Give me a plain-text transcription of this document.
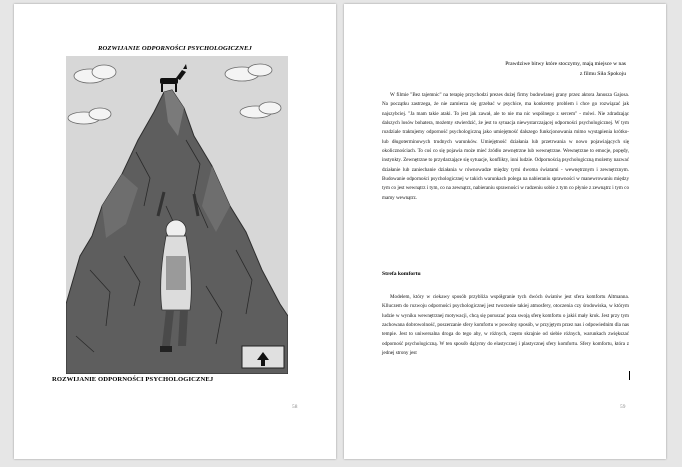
ROZWIJANIE ODPORNOŚCI PSYCHOLOGICZNEJ
ROZWIJANIE ODPORNOŚCI PSYCHOLOGICZNEJ
58
Prawdziwe bitwy które stoczymy, mają miejsce w nas
z filmu Siła Spokoju
W filmie "Bez tajemnic" na terapię przychodzi prezes dużej firmy budowlanej grany przez aktora Janusza Gajosa. Na początku zastrzega, że nie zamierza się grzebać w psychice, ma konkretny problem i chce go rozwiązać jak najszybciej. "Ja mam takie ataki. To jest jak zawał, ale to nie ma nic wspólnego z sercem" - mówi. Nie zdradzając dalszych losów bohatera, możemy stwierdzić, że jest to sytuacja niewystarczającej odporności psychologicznej. W tym rozdziale traktujemy odporność psychologiczną jako umiejętność dalszego funkcjonowania mimo wystąpienia krótko- lub długoterminowych trudnych warunków. Umiejętność działania lub przetrwania w nowo pojawiających się okolicznościach. To coś co się pojawia może mieć źródło zewnętrzne lub wewnętrzne. Wewnętrzne to emocje, popędy, instynkty. Zewnętrzne to przydarzające się sytuacje, konflikty, inni ludzie. Odpornością psychologiczną możemy nazwać działanie lub zaniechanie działania w równowadze między tymi dwoma światami - wewnętrznym i zewnętrznym. Budowanie odporności psychologicznej w takich warunkach polega na nabieraniu sprawności w manewrowaniu między tym co jest wewnątrz i tym, co na zewnątrz, nabieraniu sprawności w radzeniu sobie z tym co płynie z zewnątrz i tym co mamy wewnątrz.
Strefa komfortu
Modelem, który w ciekawy sposób przybliża współgranie tych dwóch światów jest sfera komfortu Altmanna. Klluczem do rozwoju odporności psychologicznej jest tworzenie takiej atmosfery, otoczenia czy środowiska, w którym ludzie w wyniku wewnętrznej motywacji, chcą się poruszać poza swoją sferę komfortu o jakiś mały krok. Jest przy tym zachowana dobrowolność, poszerzanie sfery komfortu w powolny sposób, w przyjętym przez nas i odpowiednim dla nas tempie. Jest to uniwersalna droga do tego aby, w różnych, często skrajnie od siebie różnych, warunkach zwiększać odporność psychologiczną. W ten sposób dążymy do elastycznej i plastycznej sfery komfortu. Sfery komfortu, która z jednej strony jest
59
